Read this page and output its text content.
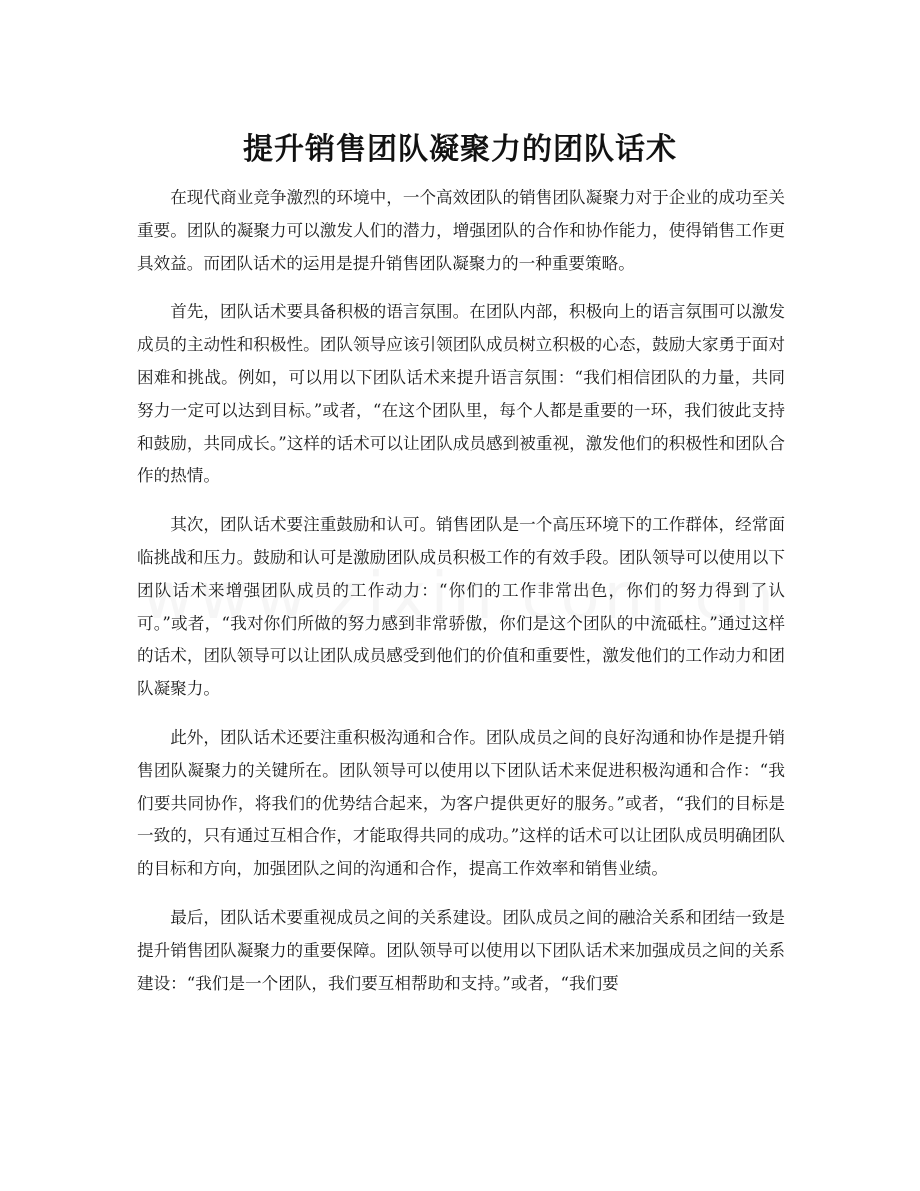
提升销售团队凝聚力的团队话术

在现代商业竞争激烈的环境中，一个高效团队的销售团队凝聚力对于企业的成功至关重要。团队的凝聚力可以激发人们的潜力，增强团队的合作和协作能力，使得销售工作更具效益。而团队话术的运用是提升销售团队凝聚力的一种重要策略。

首先，团队话术要具备积极的语言氛围。在团队内部，积极向上的语言氛围可以激发成员的主动性和积极性。团队领导应该引领团队成员树立积极的心态，鼓励大家勇于面对困难和挑战。例如，可以用以下团队话术来提升语言氛围：“我们相信团队的力量，共同努力一定可以达到目标。”或者，“在这个团队里，每个人都是重要的一环，我们彼此支持和鼓励，共同成长。”这样的话术可以让团队成员感到被重视，激发他们的积极性和团队合作的热情。

其次，团队话术要注重鼓励和认可。销售团队是一个高压环境下的工作群体，经常面临挑战和压力。鼓励和认可是激励团队成员积极工作的有效手段。团队领导可以使用以下团队话术来增强团队成员的工作动力：“你们的工作非常出色，你们的努力得到了认可。”或者，“我对你们所做的努力感到非常骄傲，你们是这个团队的中流砥柱。”通过这样的话术，团队领导可以让团队成员感受到他们的价值和重要性，激发他们的工作动力和团队凝聚力。

此外，团队话术还要注重积极沟通和合作。团队成员之间的良好沟通和协作是提升销售团队凝聚力的关键所在。团队领导可以使用以下团队话术来促进积极沟通和合作：“我们要共同协作，将我们的优势结合起来，为客户提供更好的服务。”或者，“我们的目标是一致的，只有通过互相合作，才能取得共同的成功。”这样的话术可以让团队成员明确团队的目标和方向，加强团队之间的沟通和合作，提高工作效率和销售业绩。

最后，团队话术要重视成员之间的关系建设。团队成员之间的融洽关系和团结一致是提升销售团队凝聚力的重要保障。团队领导可以使用以下团队话术来加强成员之间的关系建设：“我们是一个团队，我们要互相帮助和支持。”或者，“我们要
